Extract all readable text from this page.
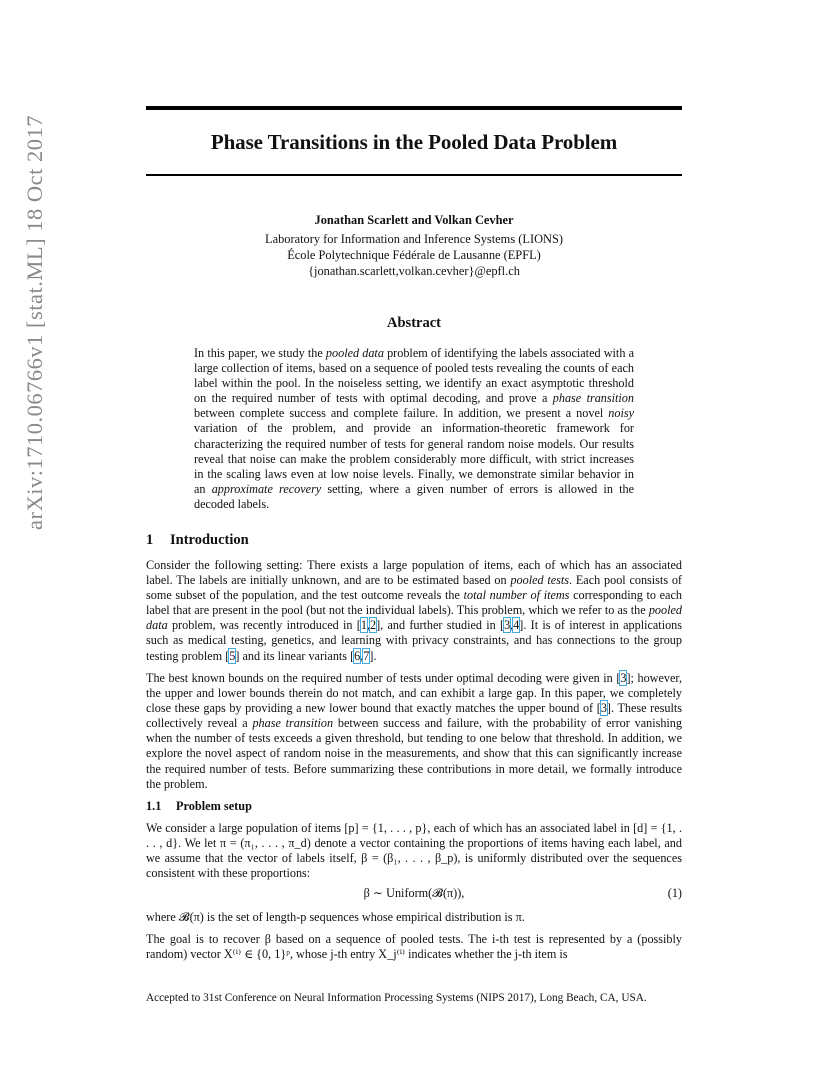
arXiv:1710.06766v1 [stat.ML] 18 Oct 2017	Phase Transitions in the Pooled Data Problem
Jonathan Scarlett and Volkan Cevher
Laboratory for Information and Inference Systems (LIONS)
École Polytechnique Fédérale de Lausanne (EPFL)
{jonathan.scarlett,volkan.cevher}@epfl.ch
Abstract

In this paper, we study the pooled data problem of identifying the labels associated with a large collection of items, based on a sequence of pooled tests revealing the counts of each label within the pool. In the noiseless setting, we identify an exact asymptotic threshold on the required number of tests with optimal decoding, and prove a phase transition between complete success and complete failure. In addition, we present a novel noisy variation of the problem, and provide an information-theoretic framework for characterizing the required number of tests for general random noise models. Our results reveal that noise can make the problem considerably more difficult, with strict increases in the scaling laws even at low noise levels. Finally, we demonstrate similar behavior in an approximate recovery setting, where a given number of errors is allowed in the decoded labels.

1 Introduction

Consider the following setting: There exists a large population of items, each of which has an associated label. The labels are initially unknown, and are to be estimated based on pooled tests. Each pool consists of some subset of the population, and the test outcome reveals the total number of items corresponding to each label that are present in the pool (but not the individual labels). This problem, which we refer to as the pooled data problem, was recently introduced in [1,2], and further studied in [3,4]. It is of interest in applications such as medical testing, genetics, and learning with privacy constraints, and has connections to the group testing problem [5] and its linear variants [6,7].

The best known bounds on the required number of tests under optimal decoding were given in [3]; however, the upper and lower bounds therein do not match, and can exhibit a large gap. In this paper, we completely close these gaps by providing a new lower bound that exactly matches the upper bound of [3]. These results collectively reveal a phase transition between success and failure, with the probability of error vanishing when the number of tests exceeds a given threshold, but tending to one below that threshold. In addition, we explore the novel aspect of random noise in the measurements, and show that this can significantly increase the required number of tests. Before summarizing these contributions in more detail, we formally introduce the problem.

1.1 Problem setup

We consider a large population of items [p] = {1, . . . , p}, each of which has an associated label in [d] = {1, . . . , d}. We let π = (π₁, . . . , π_d) denote a vector containing the proportions of items having each label, and we assume that the vector of labels itself, β = (β₁, . . . , β_p), is uniformly distributed over the sequences consistent with these proportions:

β ∼ Uniform(𝓑(π)),	(1)

where 𝓑(π) is the set of length-p sequences whose empirical distribution is π.

The goal is to recover β based on a sequence of pooled tests. The i-th test is represented by a (possibly random) vector X⁽ⁱ⁾ ∈ {0, 1}ᵖ, whose j-th entry X_j⁽ⁱ⁾ indicates whether the j-th item is

Accepted to 31st Conference on Neural Information Processing Systems (NIPS 2017), Long Beach, CA, USA.
